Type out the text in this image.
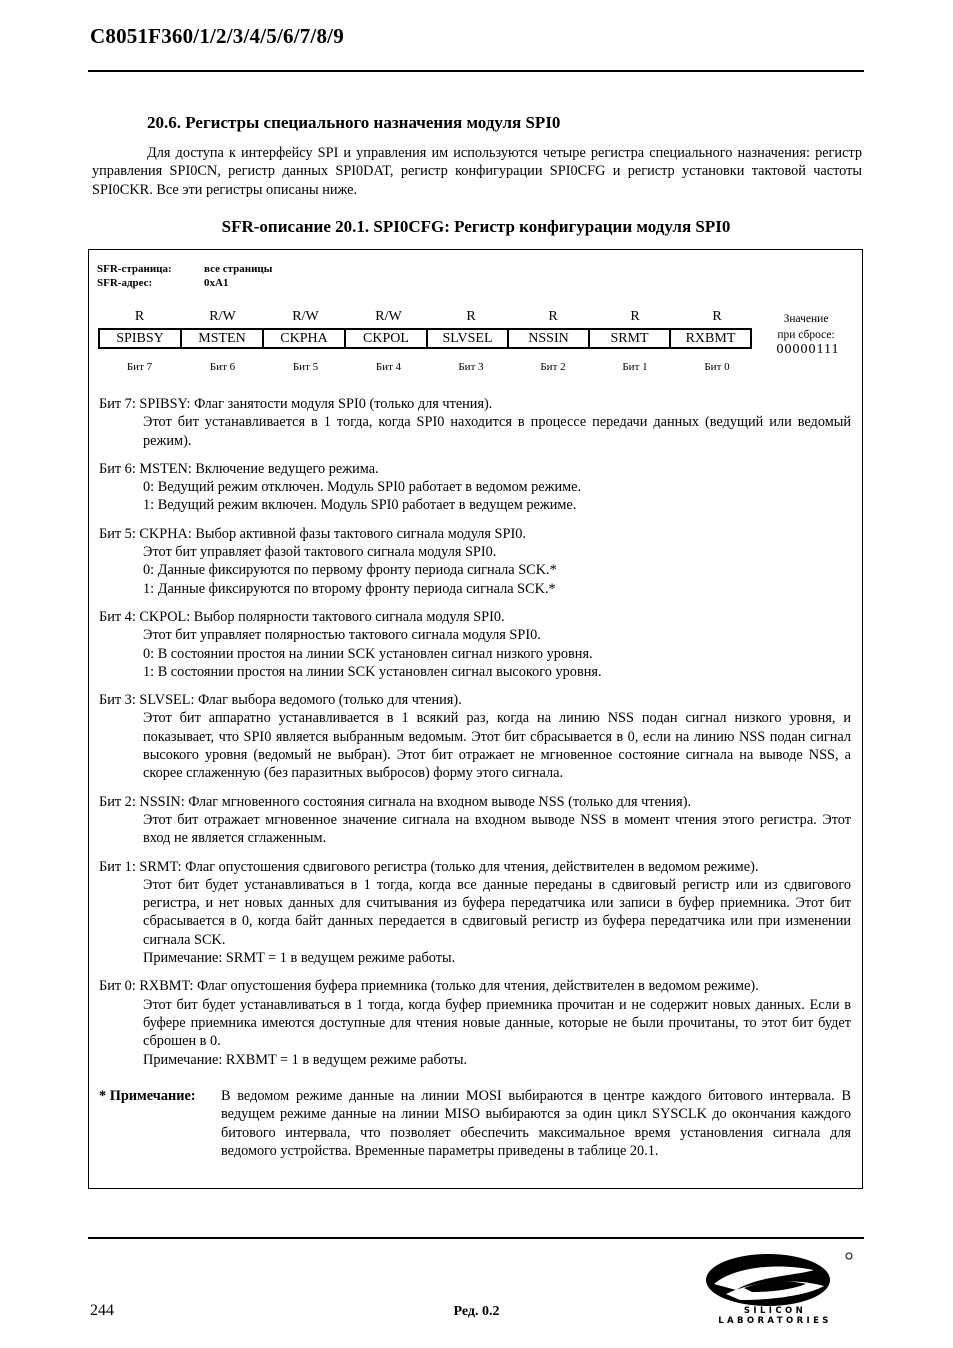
C8051F360/1/2/3/4/5/6/7/8/9
20.6. Регистры специального назначения модуля SPI0
Для доступа к интерфейсу SPI и управления им используются четыре регистра специального назначения: регистр управления SPI0CN, регистр данных SPI0DAT, регистр конфигурации SPI0CFG и регистр установки тактовой частоты SPI0CKR. Все эти регистры описаны ниже.
SFR-описание 20.1. SPI0CFG: Регистр конфигурации модуля SPI0
SFR-страница:	все страницы
SFR-адрес:	0xA1
R	R/W	R/W	R/W	R	R	R	R
SPIBSY	MSTEN	CKPHA	CKPOL	SLVSEL	NSSIN	SRMT	RXBMT
Бит 7	Бит 6	Бит 5	Бит 4	Бит 3	Бит 2	Бит 1	Бит 0
Значение
при сбросе:
00000111
Бит 7: SPIBSY: Флаг занятости модуля SPI0 (только для чтения).
Этот бит устанавливается в 1 тогда, когда SPI0 находится в процессе передачи данных (ведущий или ведомый режим).
Бит 6: MSTEN: Включение ведущего режима.
0: Ведущий режим отключен. Модуль SPI0 работает в ведомом режиме.
1: Ведущий режим включен. Модуль SPI0 работает в ведущем режиме.
Бит 5: CKPHA: Выбор активной фазы тактового сигнала модуля SPI0.
Этот бит управляет фазой тактового сигнала модуля SPI0.
0: Данные фиксируются по первому фронту периода сигнала SCK.*
1: Данные фиксируются по второму фронту периода сигнала SCK.*
Бит 4: CKPOL: Выбор полярности тактового сигнала модуля SPI0.
Этот бит управляет полярностью тактового сигнала модуля SPI0.
0: В состоянии простоя на линии SCK установлен сигнал низкого уровня.
1: В состоянии простоя на линии SCK установлен сигнал высокого уровня.
Бит 3: SLVSEL: Флаг выбора ведомого (только для чтения).
Этот бит аппаратно устанавливается в 1 всякий раз, когда на линию NSS подан сигнал низкого уровня, и показывает, что SPI0 является выбранным ведомым. Этот бит сбрасывается в 0, если на линию NSS подан сигнал высокого уровня (ведомый не выбран). Этот бит отражает не мгновенное состояние сигнала на выводе NSS, а скорее сглаженную (без паразитных выбросов) форму этого сигнала.
Бит 2: NSSIN: Флаг мгновенного состояния сигнала на входном выводе NSS (только для чтения).
Этот бит отражает мгновенное значение сигнала на входном выводе NSS в момент чтения этого регистра. Этот вход не является сглаженным.
Бит 1: SRMT: Флаг опустошения сдвигового регистра (только для чтения, действителен в ведомом режиме).
Этот бит будет устанавливаться в 1 тогда, когда все данные переданы в сдвиговый регистр или из сдвигового регистра, и нет новых данных для считывания из буфера передатчика или записи в буфер приемника. Этот бит сбрасывается в 0, когда байт данных передается в сдвиговый регистр из буфера передатчика или при изменении сигнала SCK.
Примечание: SRMT = 1 в ведущем режиме работы.
Бит 0: RXBMT: Флаг опустошения буфера приемника (только для чтения, действителен в ведомом режиме).
Этот бит будет устанавливаться в 1 тогда, когда буфер приемника прочитан и не содержит новых данных. Если в буфере приемника имеются доступные для чтения новые данные, которые не были прочитаны, то этот бит будет сброшен в 0.
Примечание: RXBMT = 1 в ведущем режиме работы.
* Примечание:	В ведомом режиме данные на линии MOSI выбираются в центре каждого битового интервала. В ведущем режиме данные на линии MISO выбираются за один цикл SYSCLK до окончания каждого битового интервала, что позволяет обеспечить максимальное время установления сигнала для ведомого устройства. Временные параметры приведены в таблице 20.1.
244	Ред. 0.2	SILICON LABORATORIES
